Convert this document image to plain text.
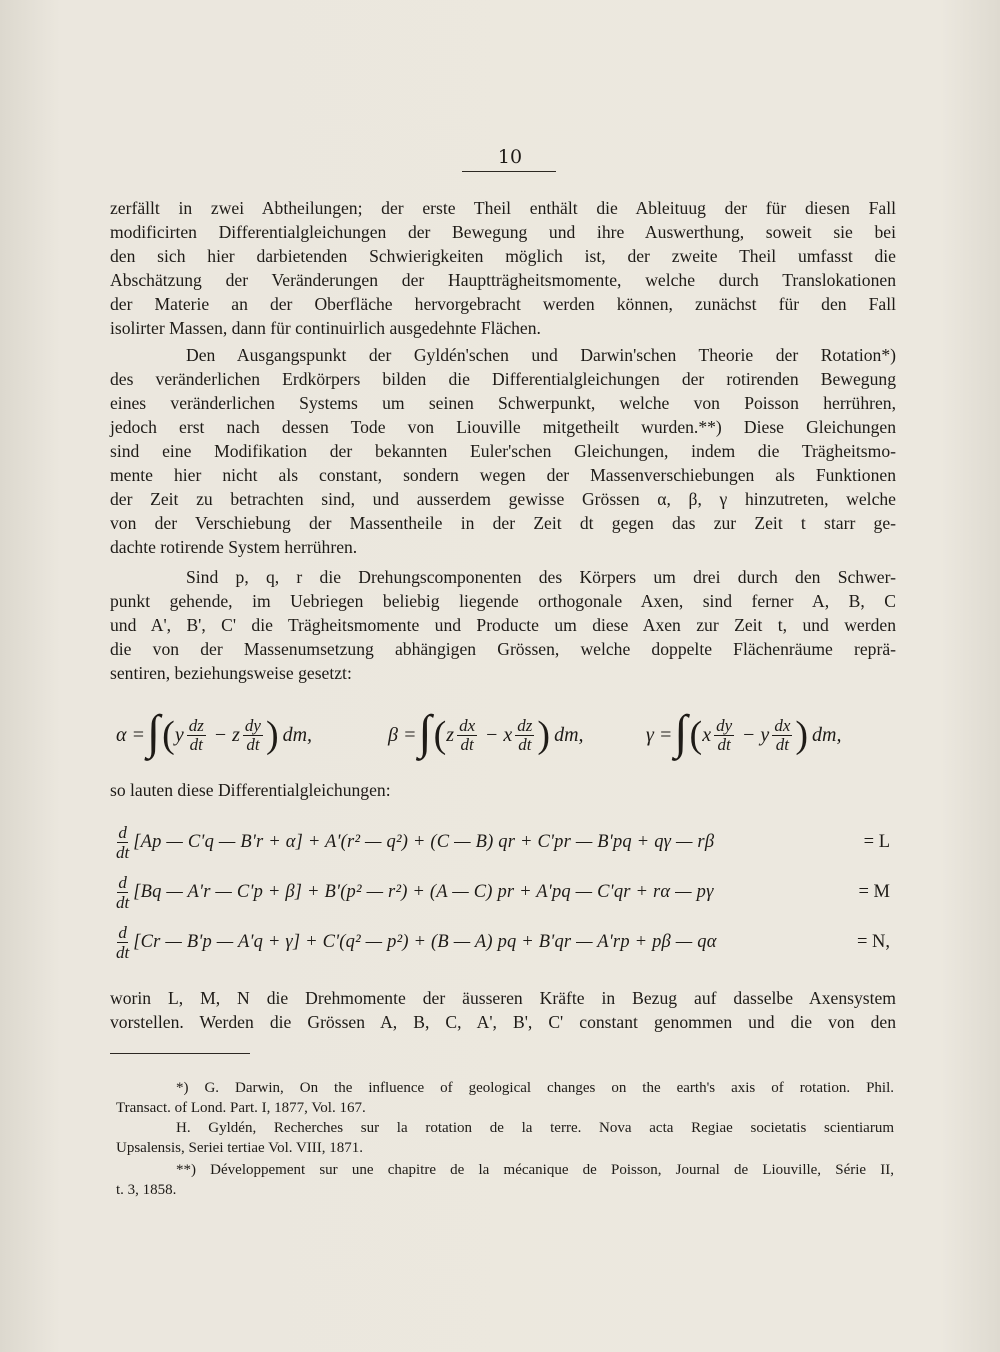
10
zerfällt in zwei Abtheilungen; der erste Theil enthält die Ableituug der für diesen Fall
modificirten Differentialgleichungen der Bewegung und ihre Auswerthung, soweit sie bei
den sich hier darbietenden Schwierigkeiten möglich ist, der zweite Theil umfasst die
Abschätzung der Veränderungen der Hauptträgheitsmomente, welche durch Translokationen
der Materie an der Oberfläche hervorgebracht werden können, zunächst für den Fall
isolirter Massen, dann für continuirlich ausgedehnte Flächen.
Den Ausgangspunkt der Gyldén'schen und Darwin'schen Theorie der Rotation*)
des veränderlichen Erdkörpers bilden die Differentialgleichungen der rotirenden Bewegung
eines veränderlichen Systems um seinen Schwerpunkt, welche von Poisson herrühren,
jedoch erst nach dessen Tode von Liouville mitgetheilt wurden.**) Diese Gleichungen
sind eine Modifikation der bekannten Euler'schen Gleichungen, indem die Trägheitsmo-
mente hier nicht als constant, sondern wegen der Massenverschiebungen als Funktionen
der Zeit zu betrachten sind, und ausserdem gewisse Grössen α, β, γ hinzutreten, welche
von der Verschiebung der Massentheile in der Zeit dt gegen das zur Zeit t starr ge-
dachte rotirende System herrühren.
Sind p, q, r die Drehungscomponenten des Körpers um drei durch den Schwer-
punkt gehende, im Uebriegen beliebig liegende orthogonale Axen, sind ferner A, B, C
und A', B', C' die Trägheitsmomente und Producte um diese Axen zur Zeit t, und werden
die von der Massenumsetzung abhängigen Grössen, welche doppelte Flächenräume reprä-
sentiren, beziehungsweise gesetzt:
α = ∫ ( y $\frac{dz}{dt} - z \frac{dy}{dt}$ ) dm,	β = ∫ ( z $\frac{dx}{dt} - x \frac{dz}{dt}$ ) dm,	γ = ∫ ( x $\frac{dy}{dt} - y \frac{dx}{dt}$ ) dm,
so lauten diese Differentialgleichungen:
d
dt
[Ap — C'q — B'r + α] + A'(r² — q²) + (C — B) qr + C'pr — B'pq + qγ — rβ	= L
d
dt
[Bq — A'r — C'p + β] + B'(p² — r²) + (A — C) pr + A'pq — C'qr + rα — pγ	= M
d
dt
[Cr — B'p — A'q + γ] + C'(q² — p²) + (B — A) pq + B'qr — A'rp + pβ — qα	= N,
worin L, M, N die Drehmomente der äusseren Kräfte in Bezug auf dasselbe Axensystem
vorstellen. Werden die Grössen A, B, C, A', B', C' constant genommen und die von den
*) G. Darwin, On the influence of geological changes on the earth's axis of rotation. Phil.
Transact. of Lond. Part. I, 1877, Vol. 167.
H. Gyldén, Recherches sur la rotation de la terre. Nova acta Regiae societatis scientiarum
Upsalensis, Seriei tertiae Vol. VIII, 1871.
**) Développement sur une chapitre de la mécanique de Poisson, Journal de Liouville, Série II,
t. 3, 1858.
